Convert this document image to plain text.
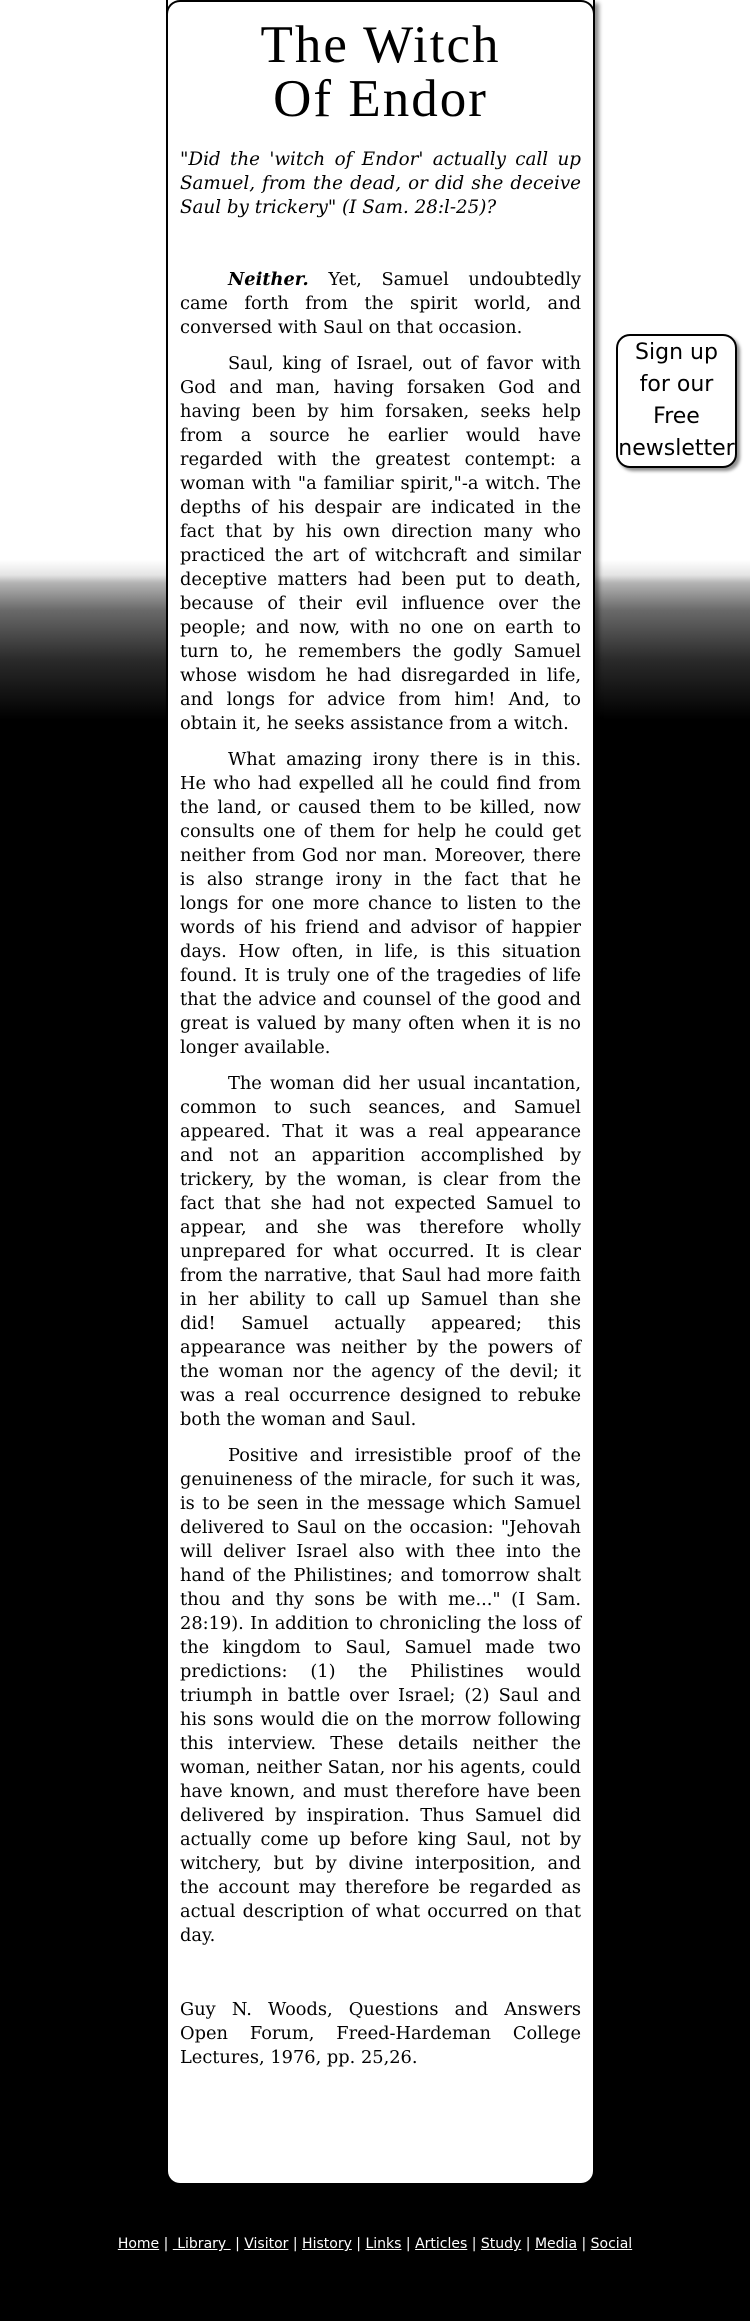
The Witch
Of Endor

"Did the 'witch of Endor' actually call up Samuel, from the dead, or did she deceive Saul by trickery" (I Sam. 28:l-25)?

Neither. Yet, Samuel undoubtedly came forth from the spirit world, and conversed with Saul on that occasion.

Saul, king of Israel, out of favor with God and man, having forsaken God and having been by him forsaken, seeks help from a source he earlier would have regarded with the greatest contempt: a woman with "a familiar spirit,"-a witch. The depths of his despair are indicated in the fact that by his own direction many who practiced the art of witchcraft and similar deceptive matters had been put to death, because of their evil influence over the people; and now, with no one on earth to turn to, he remembers the godly Samuel whose wisdom he had disregarded in life, and longs for advice from him! And, to obtain it, he seeks assistance from a witch.

What amazing irony there is in this. He who had expelled all he could find from the land, or caused them to be killed, now consults one of them for help he could get neither from God nor man. Moreover, there is also strange irony in the fact that he longs for one more chance to listen to the words of his friend and advisor of happier days. How often, in life, is this situation found. It is truly one of the tragedies of life that the advice and counsel of the good and great is valued by many often when it is no longer available.

The woman did her usual incantation, common to such seances, and Samuel appeared. That it was a real appearance and not an apparition accomplished by trickery, by the woman, is clear from the fact that she had not expected Samuel to appear, and she was therefore wholly unprepared for what occurred. It is clear from the narrative, that Saul had more faith in her ability to call up Samuel than she did! Samuel actually appeared; this appearance was neither by the powers of the woman nor the agency of the devil; it was a real occurrence designed to rebuke both the woman and Saul.

Positive and irresistible proof of the genuineness of the miracle, for such it was, is to be seen in the message which Samuel delivered to Saul on the occasion: "Jehovah will deliver Israel also with thee into the hand of the Philistines; and tomorrow shalt thou and thy sons be with me..." (I Sam. 28:19). In addition to chronicling the loss of the kingdom to Saul, Samuel made two predictions: (1) the Philistines would triumph in battle over Israel; (2) Saul and his sons would die on the morrow following this interview. These details neither the woman, neither Satan, nor his agents, could have known, and must therefore have been delivered by inspiration. Thus Samuel did actually come up before king Saul, not by witchery, but by divine interposition, and the account may therefore be regarded as actual description of what occurred on that day.

Guy N. Woods, Questions and Answers Open Forum, Freed-Hardeman College Lectures, 1976, pp. 25,26.
Sign up for our Free newsletter
Home |  Library  | Visitor | History | Links | Articles | Study | Media | Social
